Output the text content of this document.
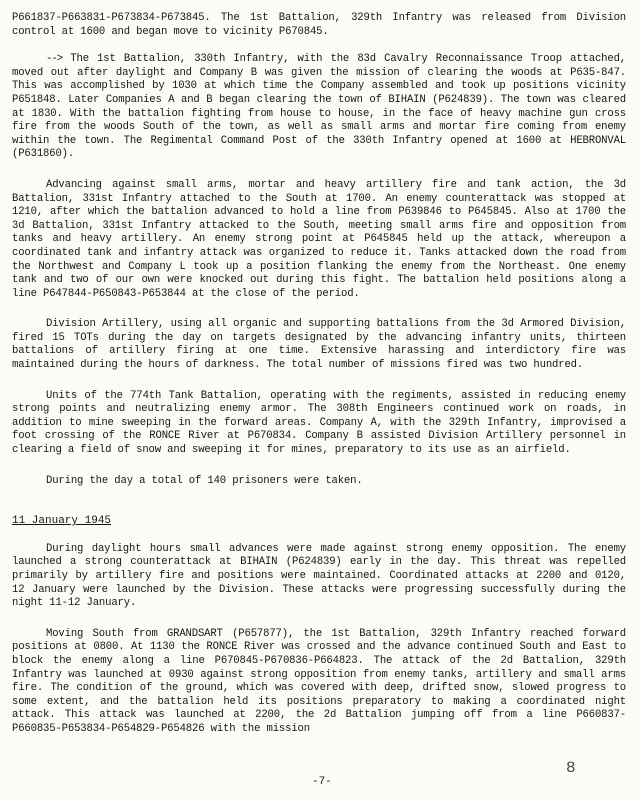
P661837-P663831-P673834-P673845. The 1st Battalion, 329th Infantry was released from Division control at 1600 and began move to vicinity P670845.

--> The 1st Battalion, 330th Infantry, with the 83d Cavalry Reconnaissance Troop attached, moved out after daylight and Company B was given the mission of clearing the woods at P635-847. This was accomplished by 1030 at which time the Company assembled and took up positions vicinity P651848. Later Companies A and B began clearing the town of BIHAIN (P624839). The town was cleared at 1830. With the battalion fighting from house to house, in the face of heavy machine gun cross fire from the woods South of the town, as well as small arms and mortar fire coming from enemy within the town. The Regimental Command Post of the 330th Infantry opened at 1600 at HEBRONVAL (P631860).

Advancing against small arms, mortar and heavy artillery fire and tank action, the 3d Battalion, 331st Infantry attached to the South at 1700. An enemy counterattack was stopped at 1210, after which the battalion advanced to hold a line from P639846 to P645845. Also at 1700 the 3d Battalion, 331st Infantry attacked to the South, meeting small arms fire and opposition from tanks and heavy artillery. An enemy strong point at P645845 held up the attack, whereupon a coordinated tank and infantry attack was organized to reduce it. Tanks attacked down the road from the Northwest and Company L took up a position flanking the enemy from the Northeast. One enemy tank and two of our own were knocked out during this fight. The battalion held positions along a line P647844-P650843-P653844 at the close of the period.

Division Artillery, using all organic and supporting battalions from the 3d Armored Division, fired 15 TOTs during the day on targets designated by the advancing infantry units, thirteen battalions of artillery firing at one time. Extensive harassing and interdictory fire was maintained during the hours of darkness. The total number of missions fired was two hundred.

Units of the 774th Tank Battalion, operating with the regiments, assisted in reducing enemy strong points and neutralizing enemy armor. The 308th Engineers continued work on roads, in addition to mine sweeping in the forward areas. Company A, with the 329th Infantry, improvised a foot crossing of the RONCE River at P670834. Company B assisted Division Artillery personnel in clearing a field of snow and sweeping it for mines, preparatory to its use as an airfield.

During the day a total of 140 prisoners were taken.

11 January 1945

During daylight hours small advances were made against strong enemy opposition. The enemy launched a strong counterattack at BIHAIN (P624839) early in the day. This threat was repelled primarily by artillery fire and positions were maintained. Coordinated attacks at 2200 and 0120, 12 January were launched by the Division. These attacks were progressing successfully during the night 11-12 January.

Moving South from GRANDSART (P657877), the 1st Battalion, 329th Infantry reached forward positions at 0800. At 1130 the RONCE River was crossed and the advance continued South and East to block the enemy along a line P670845-P670836-P664823. The attack of the 2d Battalion, 329th Infantry was launched at 0930 against strong opposition from enemy tanks, artillery and small arms fire. The condition of the ground, which was covered with deep, drifted snow, slowed progress to some extent, and the battalion held its positions preparatory to making a coordinated night attack. This attack was launched at 2200, the 2d Battalion jumping off from a line P660837-P660835-P653834-P654829-P654826 with the mission

8
-7-
